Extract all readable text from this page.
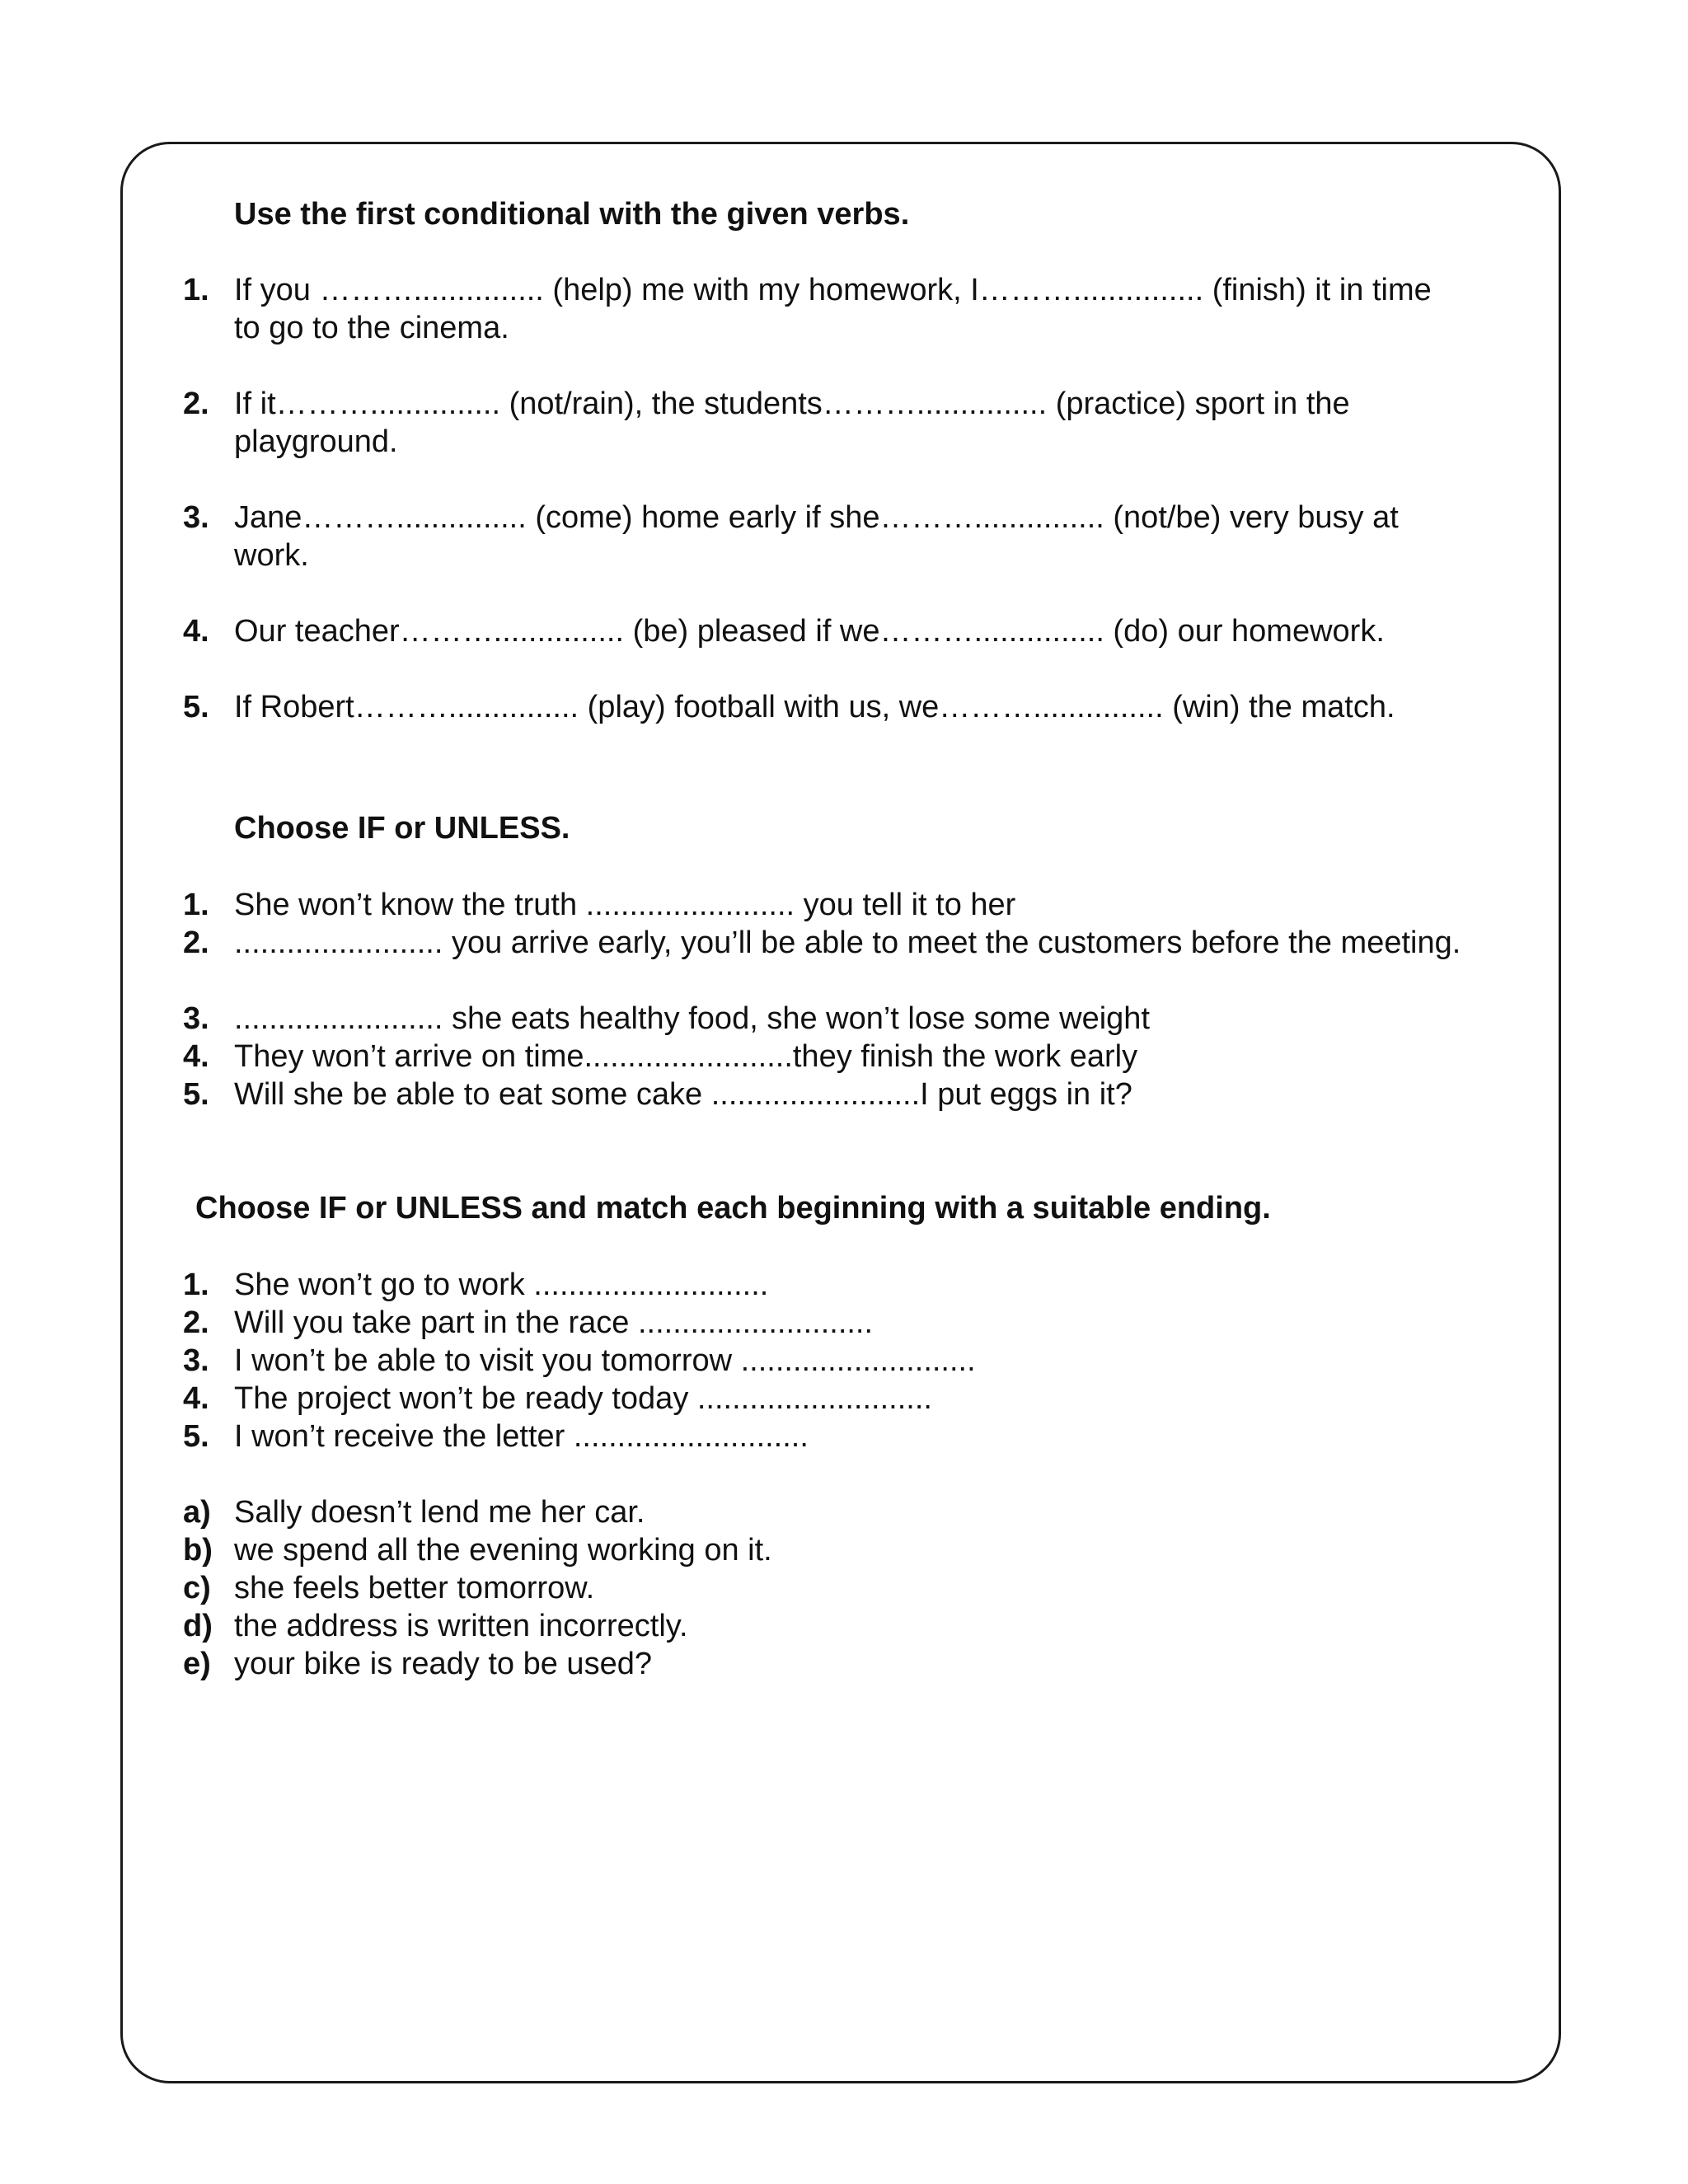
Use the first conditional with the given verbs.
1. If you ………............... (help) me with my homework, I………............... (finish) it in time
to go to the cinema.
2. If it………............... (not/rain), the students………............... (practice) sport in the
playground.
3. Jane………............... (come) home early if she………............... (not/be) very busy at
work.
4. Our teacher………............... (be) pleased if we………............... (do) our homework.
5. If Robert………............... (play) football with us, we………............... (win) the match.
Choose IF or UNLESS.
1. She won’t know the truth ........................ you tell it to her
2. ........................ you arrive early, you’ll be able to meet the customers before the meeting.
3. ........................ she eats healthy food, she won’t lose some weight
4. They won’t arrive on time........................they finish the work early
5. Will she be able to eat some cake ........................I put eggs in it?
Choose IF or UNLESS and match each beginning with a suitable ending.
1. She won’t go to work ...........................
2. Will you take part in the race ...........................
3. I won’t be able to visit you tomorrow ...........................
4. The project won’t be ready today ...........................
5. I won’t receive the letter ...........................
a) Sally doesn’t lend me her car.
b) we spend all the evening working on it.
c) she feels better tomorrow.
d) the address is written incorrectly.
e) your bike is ready to be used?
